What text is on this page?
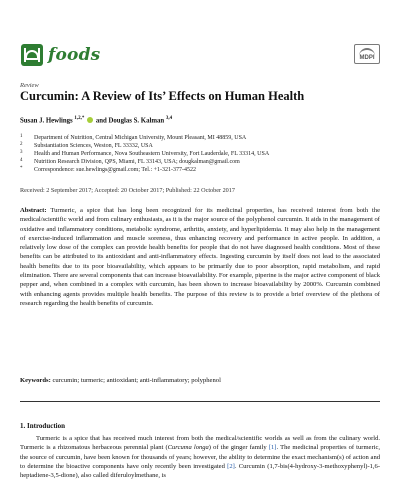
foods	MDPI
Review
Curcumin: A Review of Its’ Effects on Human Health
Susan J. Hewlings $^{1,2,*}$ and Douglas S. Kalman $^{3,4}$
1	Department of Nutrition, Central Michigan University, Mount Pleasant, MI 48859, USA
2	Substantiation Sciences, Weston, FL 33332, USA
3	Health and Human Performance, Nova Southeastern University, Fort Lauderdale, FL 33314, USA
4	Nutrition Research Division, QPS, Miami, FL 33143, USA; dougkalman@gmail.com
*	Correspondence: sue.hewlings@gmail.com; Tel.: +1-321-377-4522
Received: 2 September 2017; Accepted: 20 October 2017; Published: 22 October 2017
Abstract: Turmeric, a spice that has long been recognized for its medicinal properties, has received interest from both the medical/scientific world and from culinary enthusiasts, as it is the major source of the polyphenol curcumin. It aids in the management of oxidative and inflammatory conditions, metabolic syndrome, arthritis, anxiety, and hyperlipidemia. It may also help in the management of exercise-induced inflammation and muscle soreness, thus enhancing recovery and performance in active people. In addition, a relatively low dose of the complex can provide health benefits for people that do not have diagnosed health conditions. Most of these benefits can be attributed to its antioxidant and anti-inflammatory effects. Ingesting curcumin by itself does not lead to the associated health benefits due to its poor bioavailability, which appears to be primarily due to poor absorption, rapid metabolism, and rapid elimination. There are several components that can increase bioavailability. For example, piperine is the major active component of black pepper and, when combined in a complex with curcumin, has been shown to increase bioavailability by 2000%. Curcumin combined with enhancing agents provides multiple health benefits. The purpose of this review is to provide a brief overview of the plethora of research regarding the health benefits of curcumin.
Keywords: curcumin; turmeric; antioxidant; anti-inflammatory; polyphenol
1. Introduction
Turmeric is a spice that has received much interest from both the medical/scientific worlds as well as from the culinary world. Turmeric is a rhizomatous herbaceous perennial plant (Curcuma longa) of the ginger family [1]. The medicinal properties of turmeric, the source of curcumin, have been known for thousands of years; however, the ability to determine the exact mechanism(s) of action and to determine the bioactive components have only recently been investigated [2]. Curcumin (1,7-bis(4-hydroxy-3-methoxyphenyl)-1,6-heptadiene-3,5-dione), also called diferuloylmethane, is
